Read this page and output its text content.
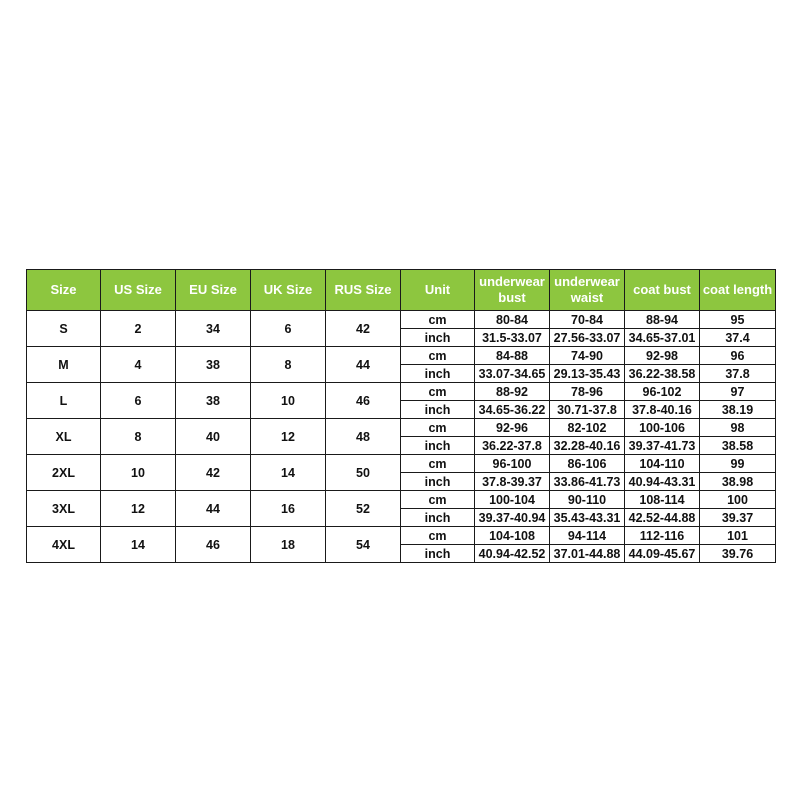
Size	US Size	EU Size	UK Size	RUS Size	Unit	underwear bust	underwear waist	coat bust	coat length
S	2	34	6	42	cm	80-84	70-84	88-94	95
					inch	31.5-33.07	27.56-33.07	34.65-37.01	37.4
M	4	38	8	44	cm	84-88	74-90	92-98	96
					inch	33.07-34.65	29.13-35.43	36.22-38.58	37.8
L	6	38	10	46	cm	88-92	78-96	96-102	97
					inch	34.65-36.22	30.71-37.8	37.8-40.16	38.19
XL	8	40	12	48	cm	92-96	82-102	100-106	98
					inch	36.22-37.8	32.28-40.16	39.37-41.73	38.58
2XL	10	42	14	50	cm	96-100	86-106	104-110	99
					inch	37.8-39.37	33.86-41.73	40.94-43.31	38.98
3XL	12	44	16	52	cm	100-104	90-110	108-114	100
					inch	39.37-40.94	35.43-43.31	42.52-44.88	39.37
4XL	14	46	18	54	cm	104-108	94-114	112-116	101
					inch	40.94-42.52	37.01-44.88	44.09-45.67	39.76
